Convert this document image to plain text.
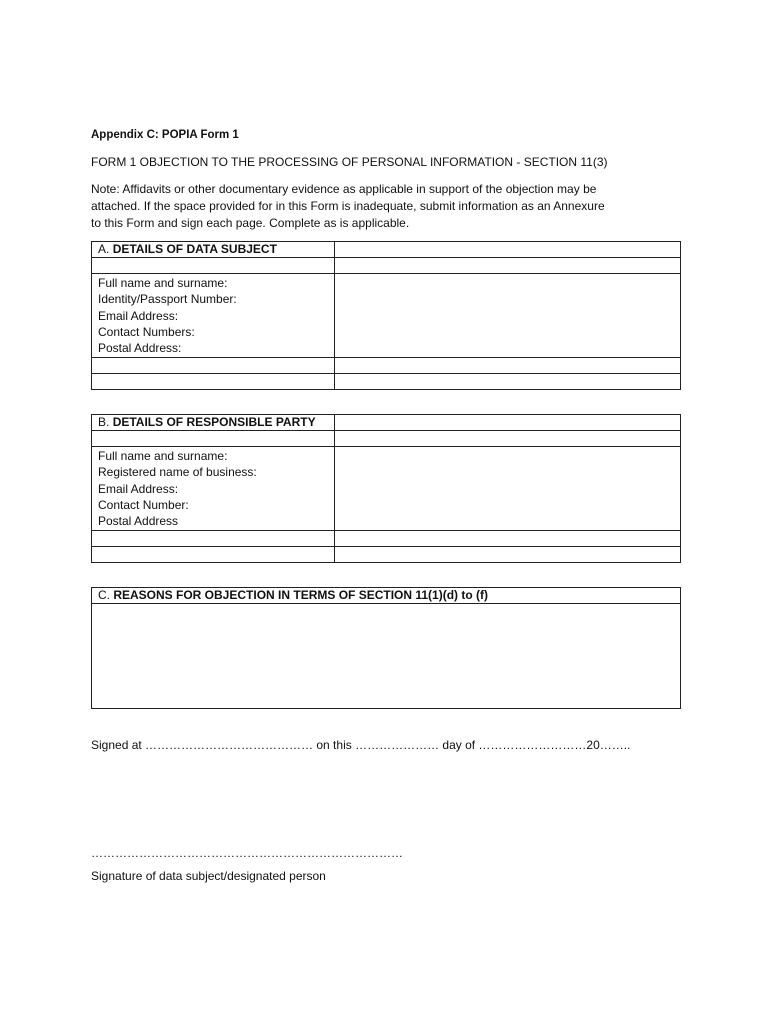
Appendix C: POPIA Form 1
FORM 1 OBJECTION TO THE PROCESSING OF PERSONAL INFORMATION - SECTION 11(3)
Note: Affidavits or other documentary evidence as applicable in support of the objection may be
attached. If the space provided for in this Form is inadequate, submit information as an Annexure
to this Form and sign each page. Complete as is applicable.
A. DETAILS OF DATA SUBJECT	

Full name and surname:
Identity/Passport Number:
Email Address:
Contact Numbers:
Postal Address:	

B. DETAILS OF RESPONSIBLE PARTY	

Full name and surname:
Registered name of business:
Email Address:
Contact Number:
Postal Address	

C. REASONS FOR OBJECTION IN TERMS OF SECTION 11(1)(d) to (f)

Signed at …………………………………… on this ………………… day of ………………………20……..
……………………………………………………………………
Signature of data subject/designated person
